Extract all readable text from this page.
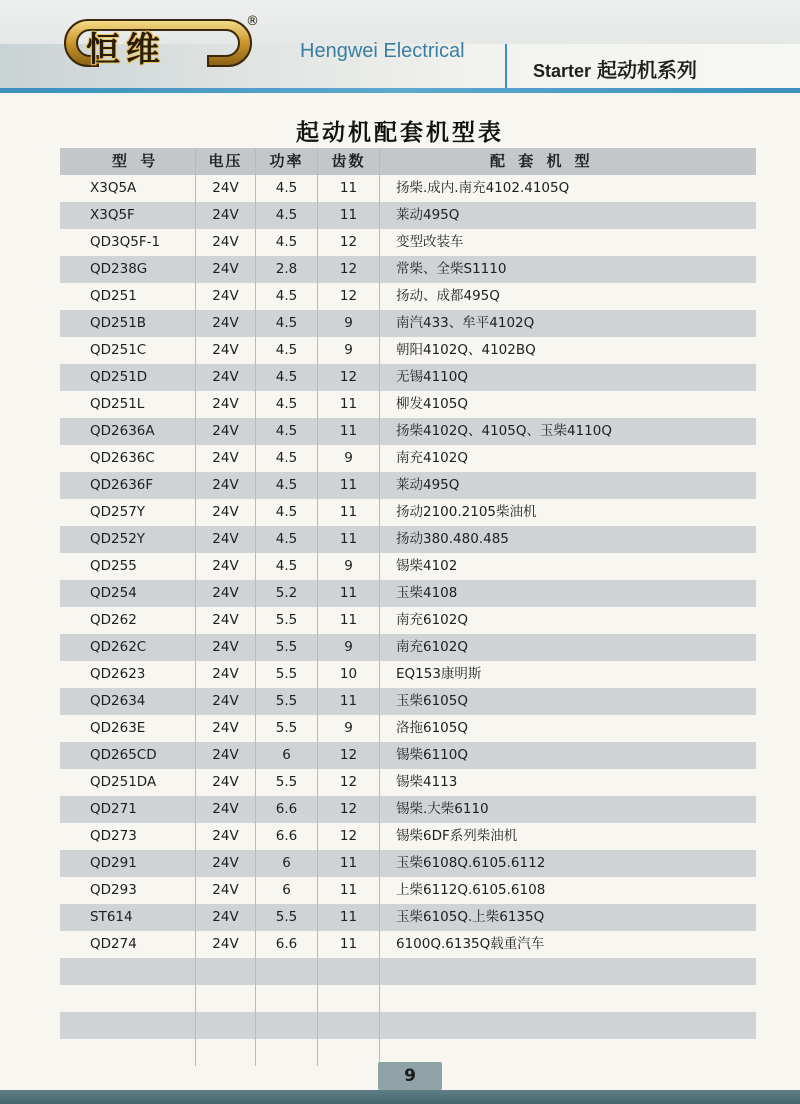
恒维
®
Hengwei Electrical
Starter 起动机系列
起动机配套机型表
型 号	电压	功率	齿数	配 套 机 型
X3Q5A	24V	4.5	11	扬柴.成内.南充4102.4105Q
X3Q5F	24V	4.5	11	莱动495Q
QD3Q5F-1	24V	4.5	12	变型改装车
QD238G	24V	2.8	12	常柴、全柴S1110
QD251	24V	4.5	12	扬动、成都495Q
QD251B	24V	4.5	9	南汽433、牟平4102Q
QD251C	24V	4.5	9	朝阳4102Q、4102BQ
QD251D	24V	4.5	12	无锡4110Q
QD251L	24V	4.5	11	柳发4105Q
QD2636A	24V	4.5	11	扬柴4102Q、4105Q、玉柴4110Q
QD2636C	24V	4.5	9	南充4102Q
QD2636F	24V	4.5	11	莱动495Q
QD257Y	24V	4.5	11	扬动2100.2105柴油机
QD252Y	24V	4.5	11	扬动380.480.485
QD255	24V	4.5	9	锡柴4102
QD254	24V	5.2	11	玉柴4108
QD262	24V	5.5	11	南充6102Q
QD262C	24V	5.5	9	南充6102Q
QD2623	24V	5.5	10	EQ153康明斯
QD2634	24V	5.5	11	玉柴6105Q
QD263E	24V	5.5	9	洛拖6105Q
QD265CD	24V	6	12	锡柴6110Q
QD251DA	24V	5.5	12	锡柴4113
QD271	24V	6.6	12	锡柴.大柴6110
QD273	24V	6.6	12	锡柴6DF系列柴油机
QD291	24V	6	11	玉柴6108Q.6105.6112
QD293	24V	6	11	上柴6112Q.6105.6108
ST614	24V	5.5	11	玉柴6105Q.上柴6135Q
QD274	24V	6.6	11	6100Q.6135Q载重汽车
9
